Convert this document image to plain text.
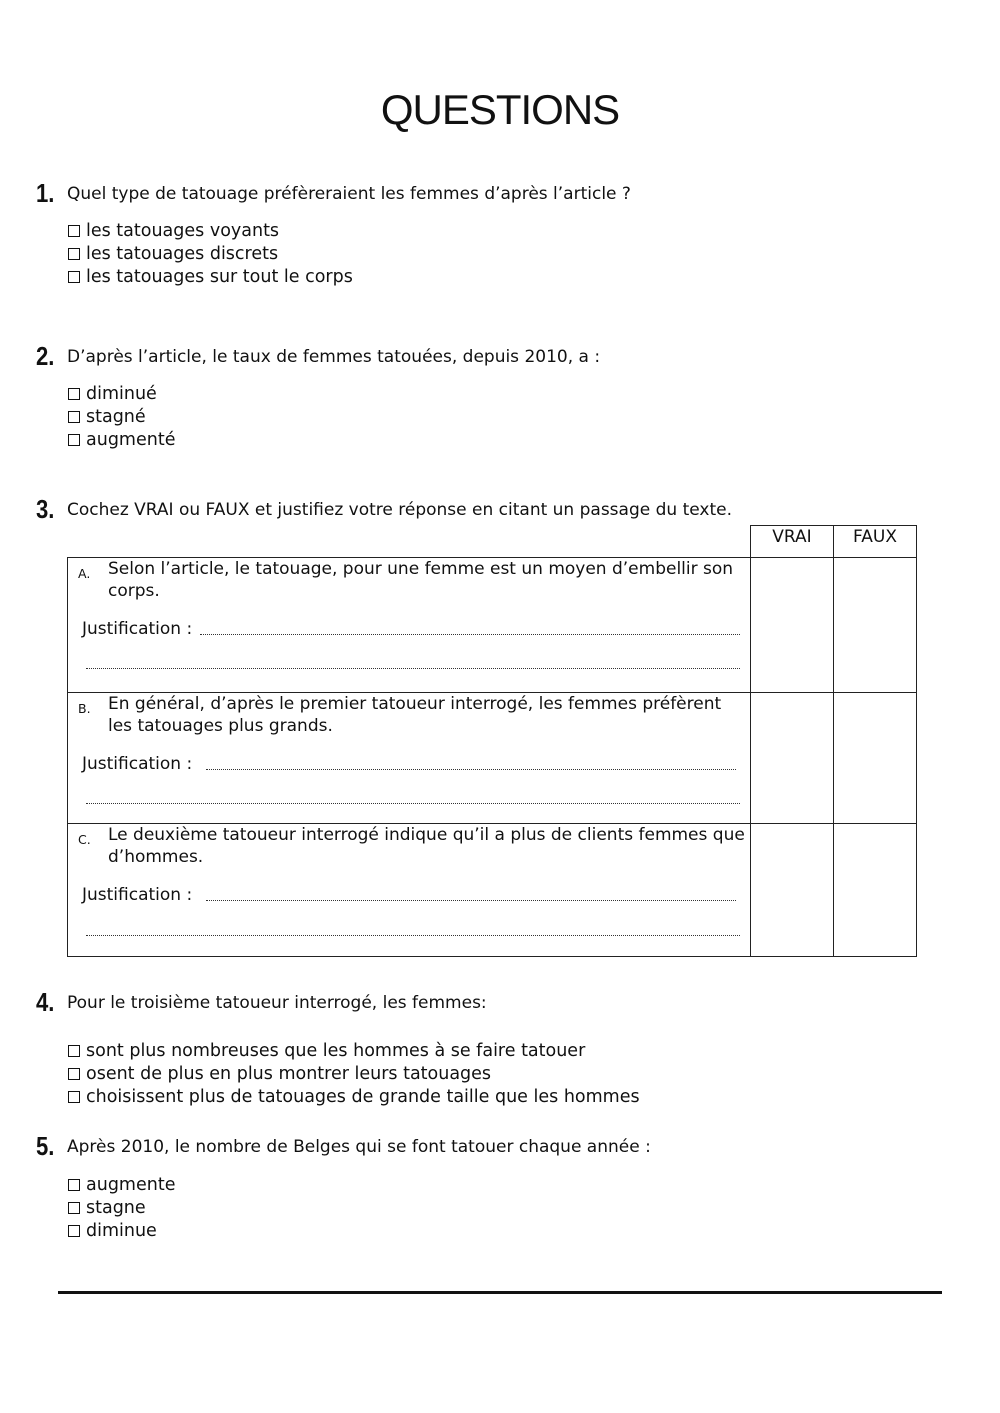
QUESTIONS
1. Quel type de tatouage préfèreraient les femmes d’après l’article ?
les tatouages voyants
les tatouages discrets
les tatouages sur tout le corps
2. D’après l’article, le taux de femmes tatouées, depuis 2010, a :
diminué
stagné
augmenté
3. Cochez VRAI ou FAUX et justifiez votre réponse en citant un passage du texte.
VRAI	FAUX
A. Selon l’article, le tatouage, pour une femme est un moyen d’embellir son corps.
Justification :
B. En général, d’après le premier tatoueur interrogé, les femmes préfèrent les tatouages plus grands.
Justification :
C. Le deuxième tatoueur interrogé indique qu’il a plus de clients femmes que d’hommes.
Justification :
4. Pour le troisième tatoueur interrogé, les femmes:
sont plus nombreuses que les hommes à se faire tatouer
osent de plus en plus montrer leurs tatouages
choisissent plus de tatouages de grande taille que les hommes
5. Après 2010, le nombre de Belges qui se font tatouer chaque année :
augmente
stagne
diminue
